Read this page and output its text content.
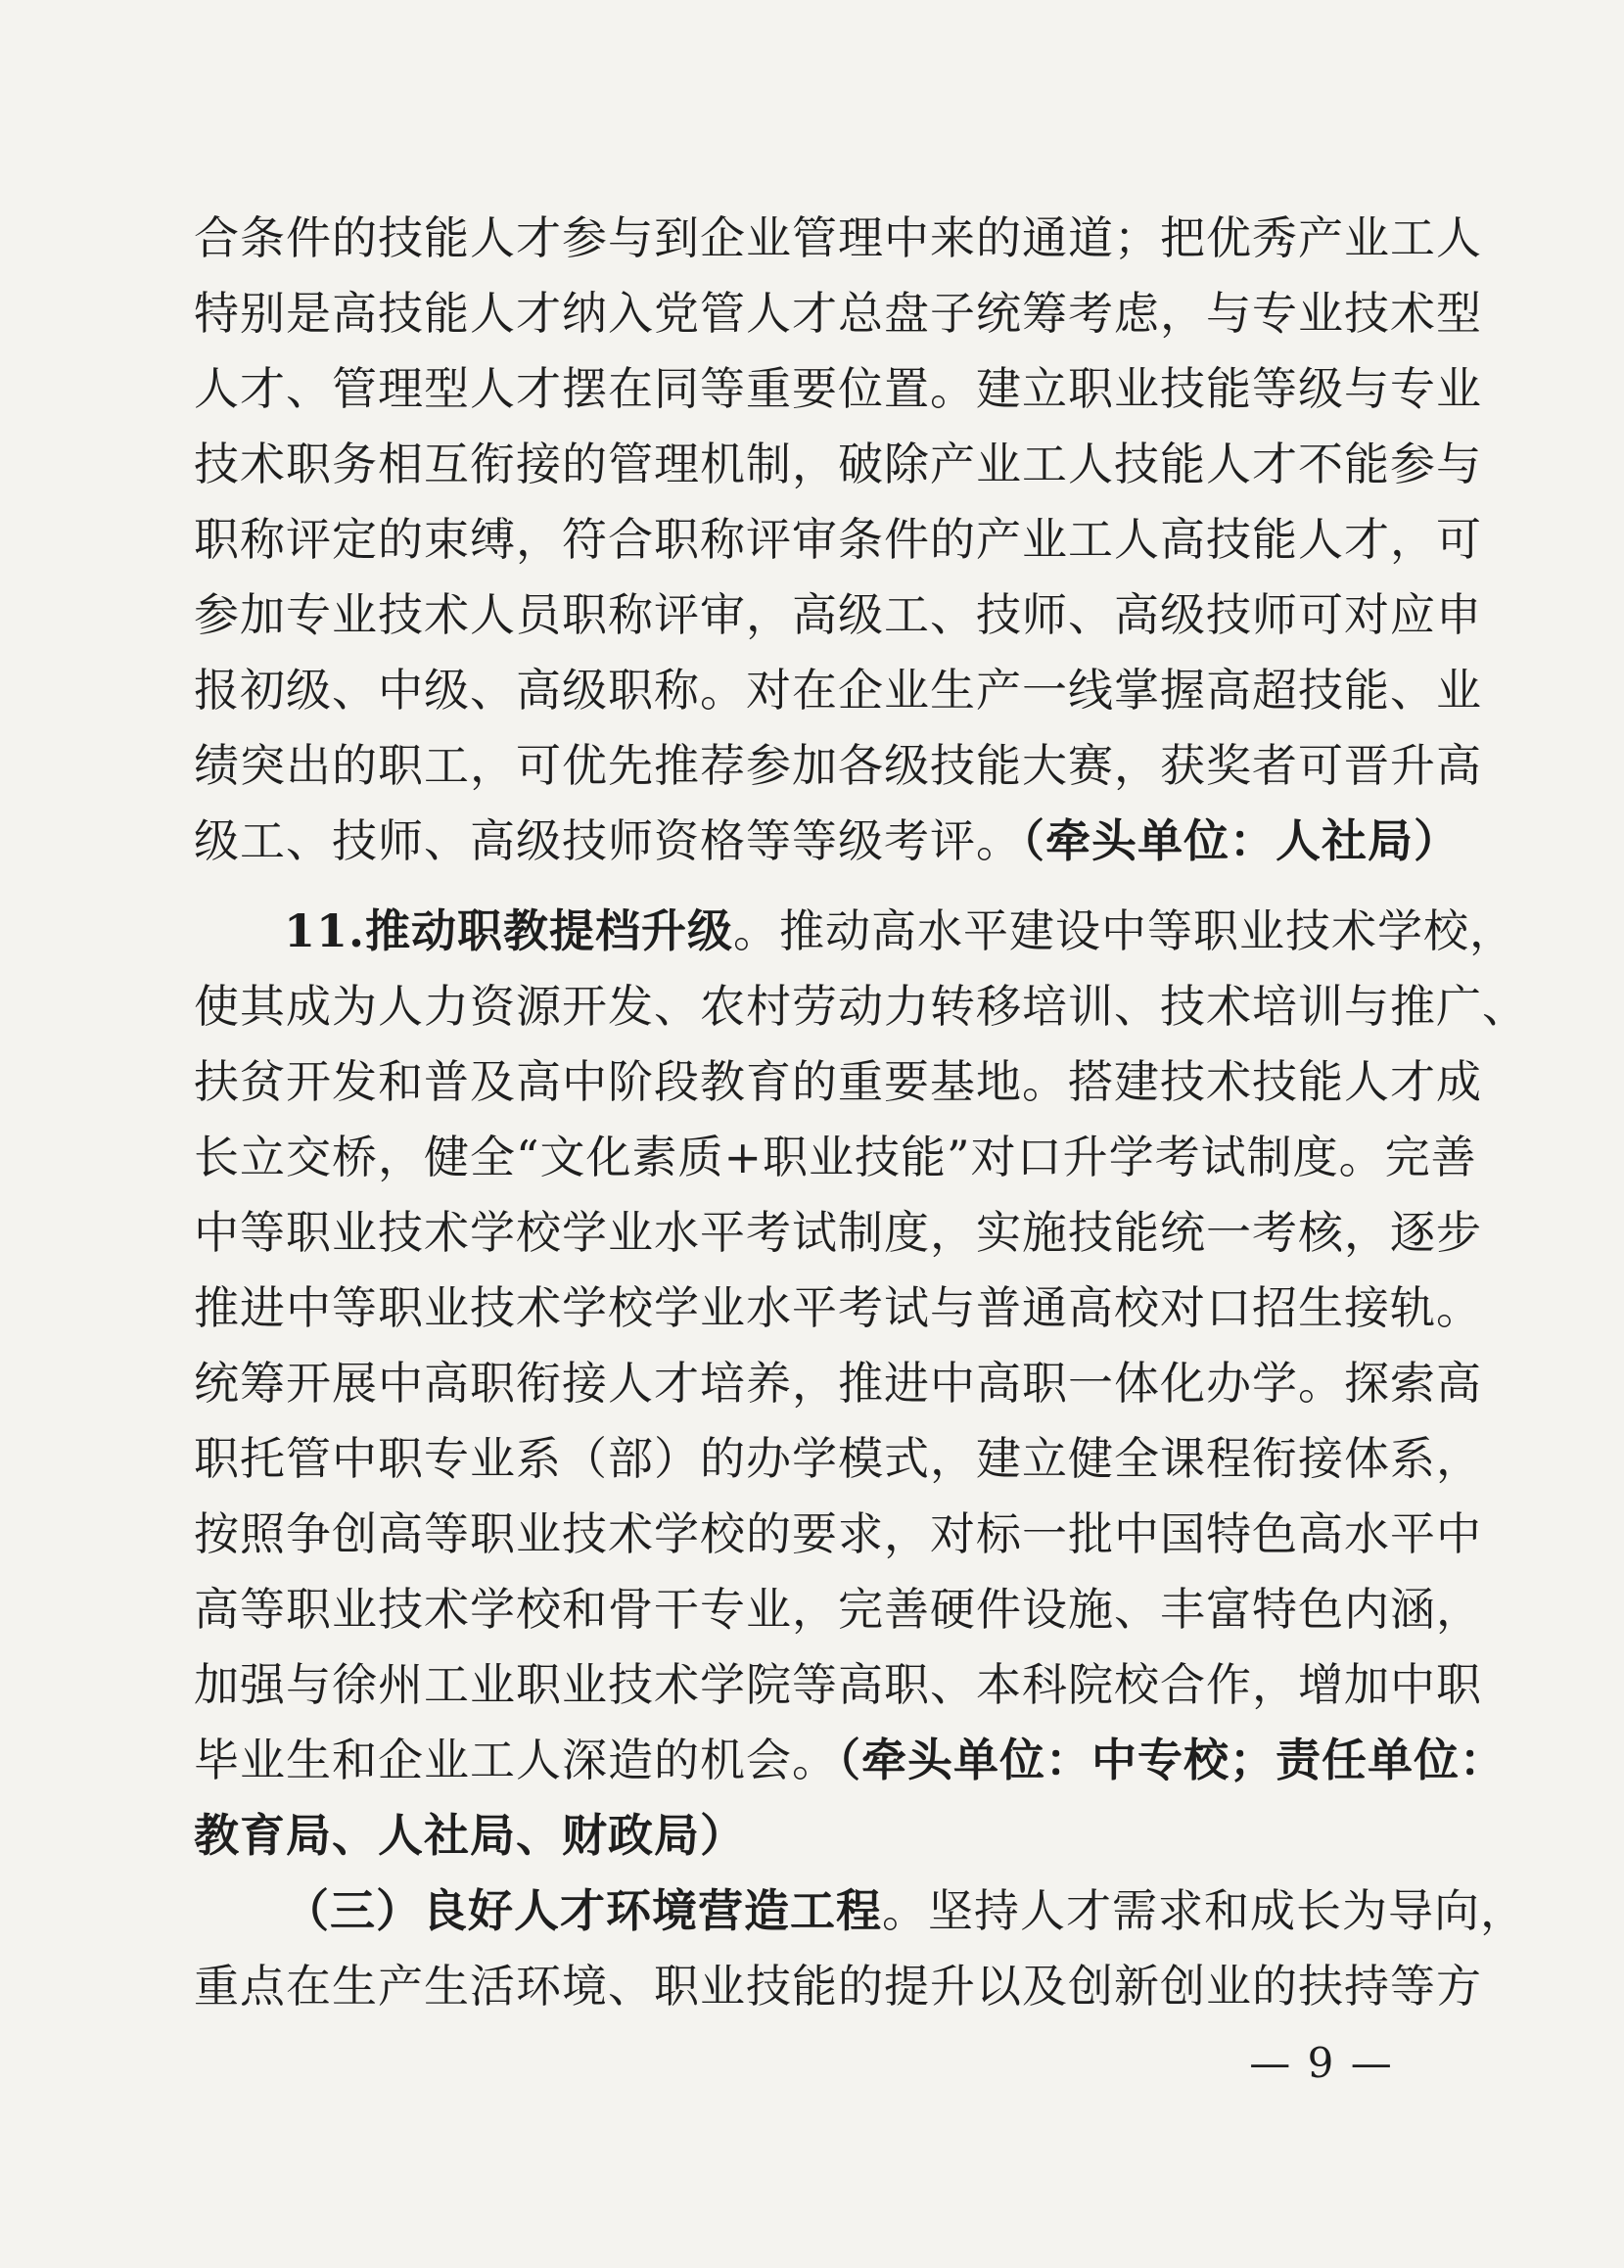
合条件的技能人才参与到企业管理中来的通道；把优秀产业工人
特别是高技能人才纳入党管人才总盘子统筹考虑，与专业技术型
人才、管理型人才摆在同等重要位置。建立职业技能等级与专业
技术职务相互衔接的管理机制，破除产业工人技能人才不能参与
职称评定的束缚，符合职称评审条件的产业工人高技能人才，可
参加专业技术人员职称评审，高级工、技师、高级技师可对应申
报初级、中级、高级职称。对在企业生产一线掌握高超技能、业
绩突出的职工，可优先推荐参加各级技能大赛，获奖者可晋升高
级工、技师、高级技师资格等等级考评。（牵头单位：人社局）
11.推动职教提档升级。推动高水平建设中等职业技术学校，
使其成为人力资源开发、农村劳动力转移培训、技术培训与推广、
扶贫开发和普及高中阶段教育的重要基地。搭建技术技能人才成
长立交桥，健全“文化素质+职业技能”对口升学考试制度。完善
中等职业技术学校学业水平考试制度，实施技能统一考核，逐步
推进中等职业技术学校学业水平考试与普通高校对口招生接轨。
统筹开展中高职衔接人才培养，推进中高职一体化办学。探索高
职托管中职专业系（部）的办学模式，建立健全课程衔接体系，
按照争创高等职业技术学校的要求，对标一批中国特色高水平中
高等职业技术学校和骨干专业，完善硬件设施、丰富特色内涵，
加强与徐州工业职业技术学院等高职、本科院校合作，增加中职
毕业生和企业工人深造的机会。（牵头单位：中专校；责任单位：
教育局、人社局、财政局）
（三）良好人才环境营造工程。坚持人才需求和成长为导向，
重点在生产生活环境、职业技能的提升以及创新创业的扶持等方
— 9 —
